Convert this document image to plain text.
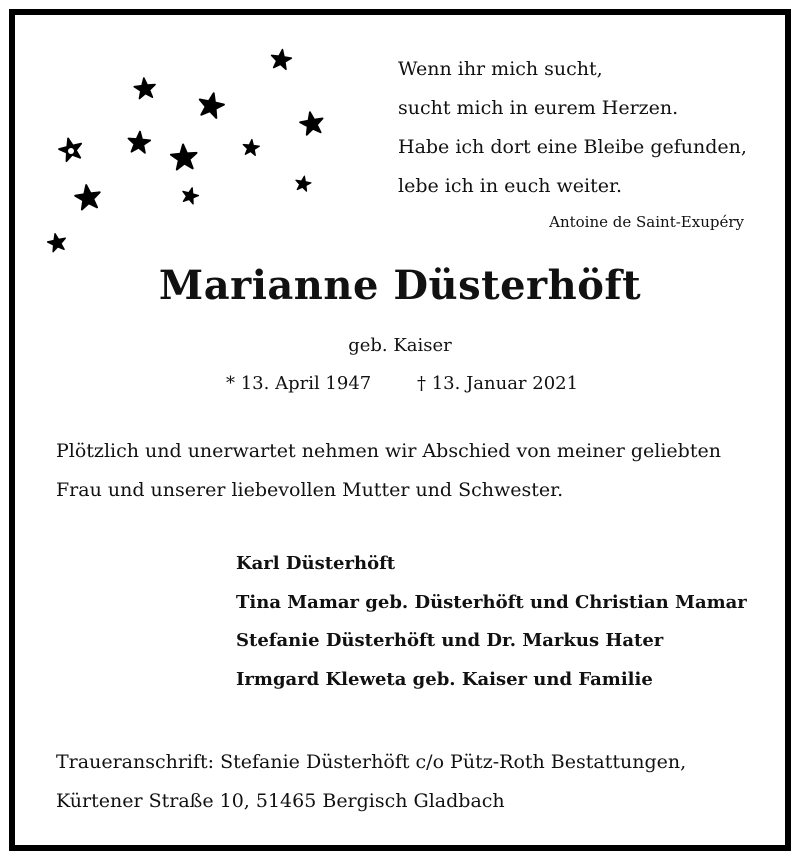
Wenn ihr mich sucht,
sucht mich in eurem Herzen.
Habe ich dort eine Bleibe gefunden,
lebe ich in euch weiter.
Antoine de Saint-Exupéry
Marianne Düsterhöft
geb. Kaiser
* 13. April 1947	† 13. Januar 2021
Plötzlich und unerwartet nehmen wir Abschied von meiner geliebten
Frau und unserer liebevollen Mutter und Schwester.
Karl Düsterhöft
Tina Mamar geb. Düsterhöft und Christian Mamar
Stefanie Düsterhöft und Dr. Markus Hater
Irmgard Kleweta geb. Kaiser und Familie
Traueranschrift: Stefanie Düsterhöft c/o Pütz-Roth Bestattungen,
Kürtener Straße 10, 51465 Bergisch Gladbach
